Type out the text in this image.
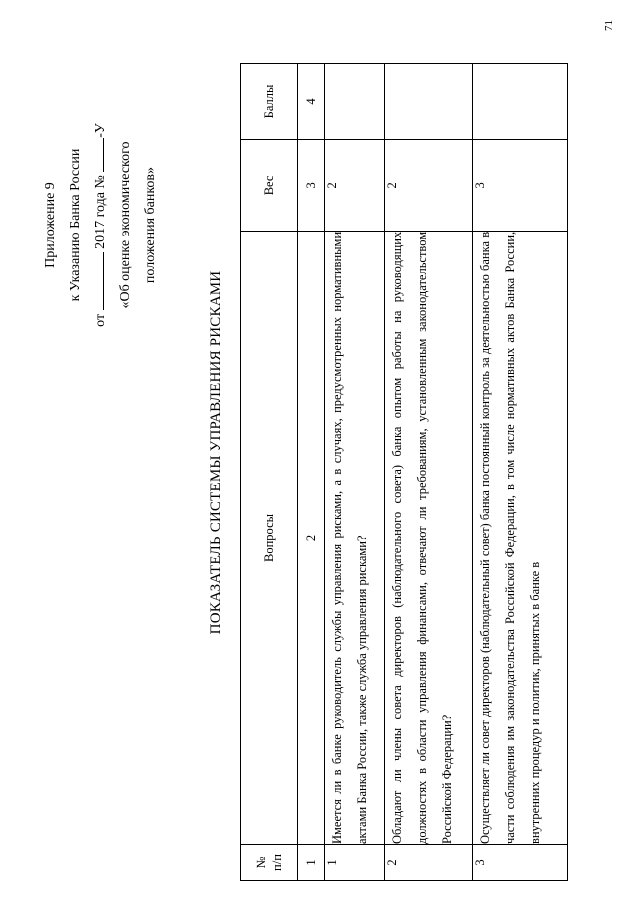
Приложение 9 к Указанию Банка России
от  2017 года № -У
«Об оценке экономического положения банков»
ПОКАЗАТЕЛЬ СИСТЕМЫ УПРАВЛЕНИЯ РИСКАМИ
№ п/п	Вопросы	Вес	Баллы
1	2	3	4
1	Имеется ли в банке руководитель службы управления рисками, а в случаях, предусмотренных нормативными актами Банка России, также служба управления рисками?	2	
2	Обладают ли члены совета директоров (наблюдательного совета) банка опытом работы на руководящих должностях в области управления финансами, отвечают ли требованиям, установленным законодательством Российской Федерации?	2	
3	Осуществляет ли совет директоров (наблюдательный совет) банка постоянный контроль за деятельностью банка в части соблюдения им законодательства Российской Федерации, в том числе нормативных актов Банка России, внутренних процедур и политик, принятых в банке в	3	
71
